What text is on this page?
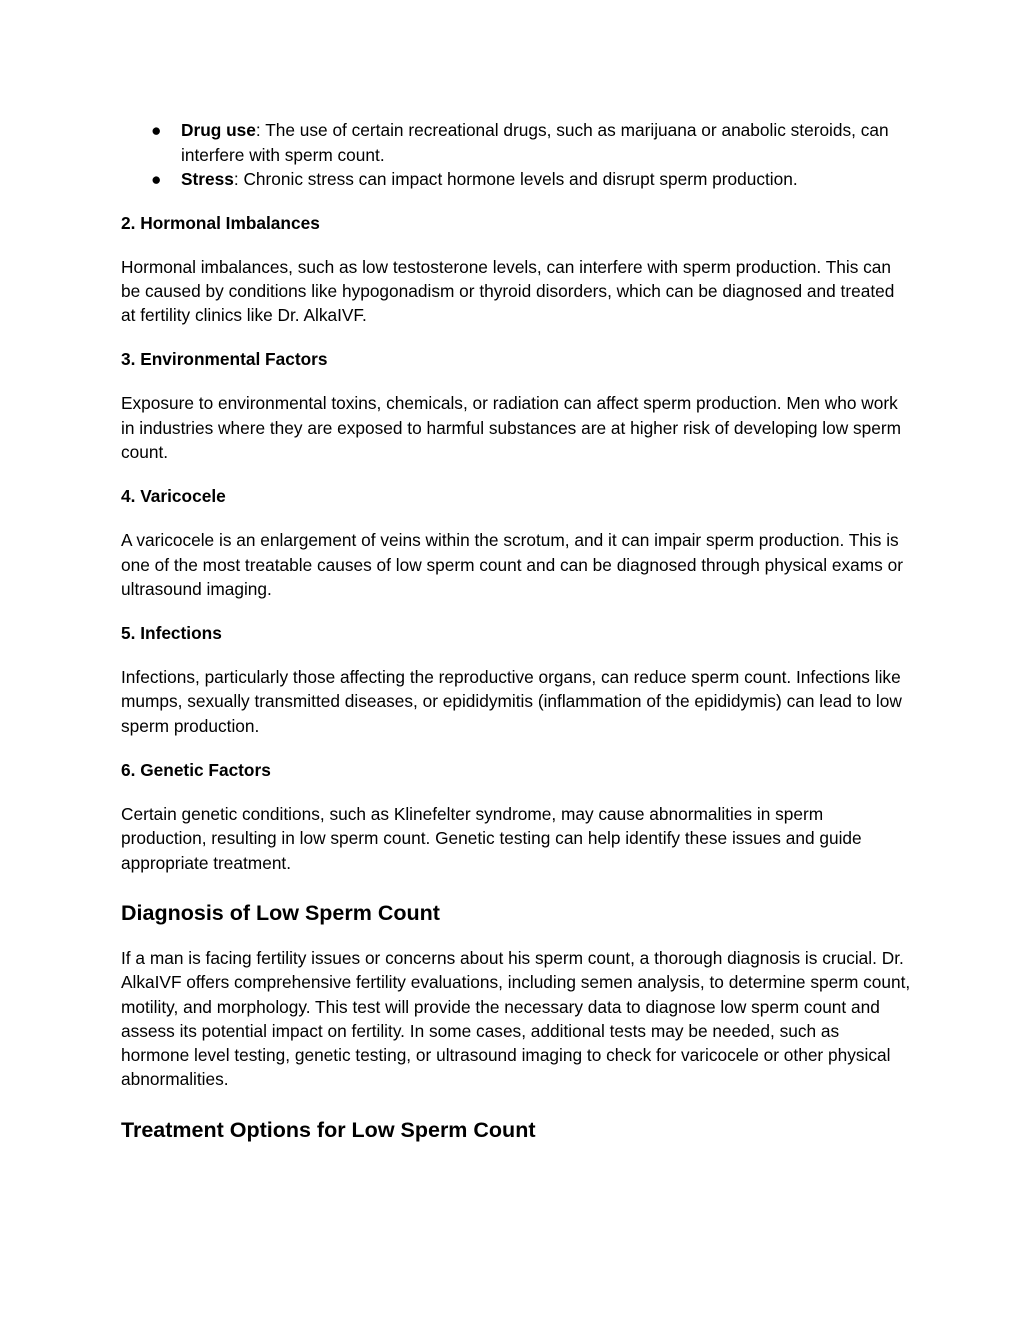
● Drug use: The use of certain recreational drugs, such as marijuana or anabolic steroids, can interfere with sperm count.
● Stress: Chronic stress can impact hormone levels and disrupt sperm production.
2. Hormonal Imbalances

Hormonal imbalances, such as low testosterone levels, can interfere with sperm production. This can be caused by conditions like hypogonadism or thyroid disorders, which can be diagnosed and treated at fertility clinics like Dr. AlkaIVF.

3. Environmental Factors

Exposure to environmental toxins, chemicals, or radiation can affect sperm production. Men who work in industries where they are exposed to harmful substances are at higher risk of developing low sperm count.

4. Varicocele

A varicocele is an enlargement of veins within the scrotum, and it can impair sperm production. This is one of the most treatable causes of low sperm count and can be diagnosed through physical exams or ultrasound imaging.

5. Infections

Infections, particularly those affecting the reproductive organs, can reduce sperm count. Infections like mumps, sexually transmitted diseases, or epididymitis (inflammation of the epididymis) can lead to low sperm production.

6. Genetic Factors

Certain genetic conditions, such as Klinefelter syndrome, may cause abnormalities in sperm production, resulting in low sperm count. Genetic testing can help identify these issues and guide appropriate treatment.

Diagnosis of Low Sperm Count

If a man is facing fertility issues or concerns about his sperm count, a thorough diagnosis is crucial. Dr. AlkaIVF offers comprehensive fertility evaluations, including semen analysis, to determine sperm count, motility, and morphology. This test will provide the necessary data to diagnose low sperm count and assess its potential impact on fertility. In some cases, additional tests may be needed, such as hormone level testing, genetic testing, or ultrasound imaging to check for varicocele or other physical abnormalities.

Treatment Options for Low Sperm Count
